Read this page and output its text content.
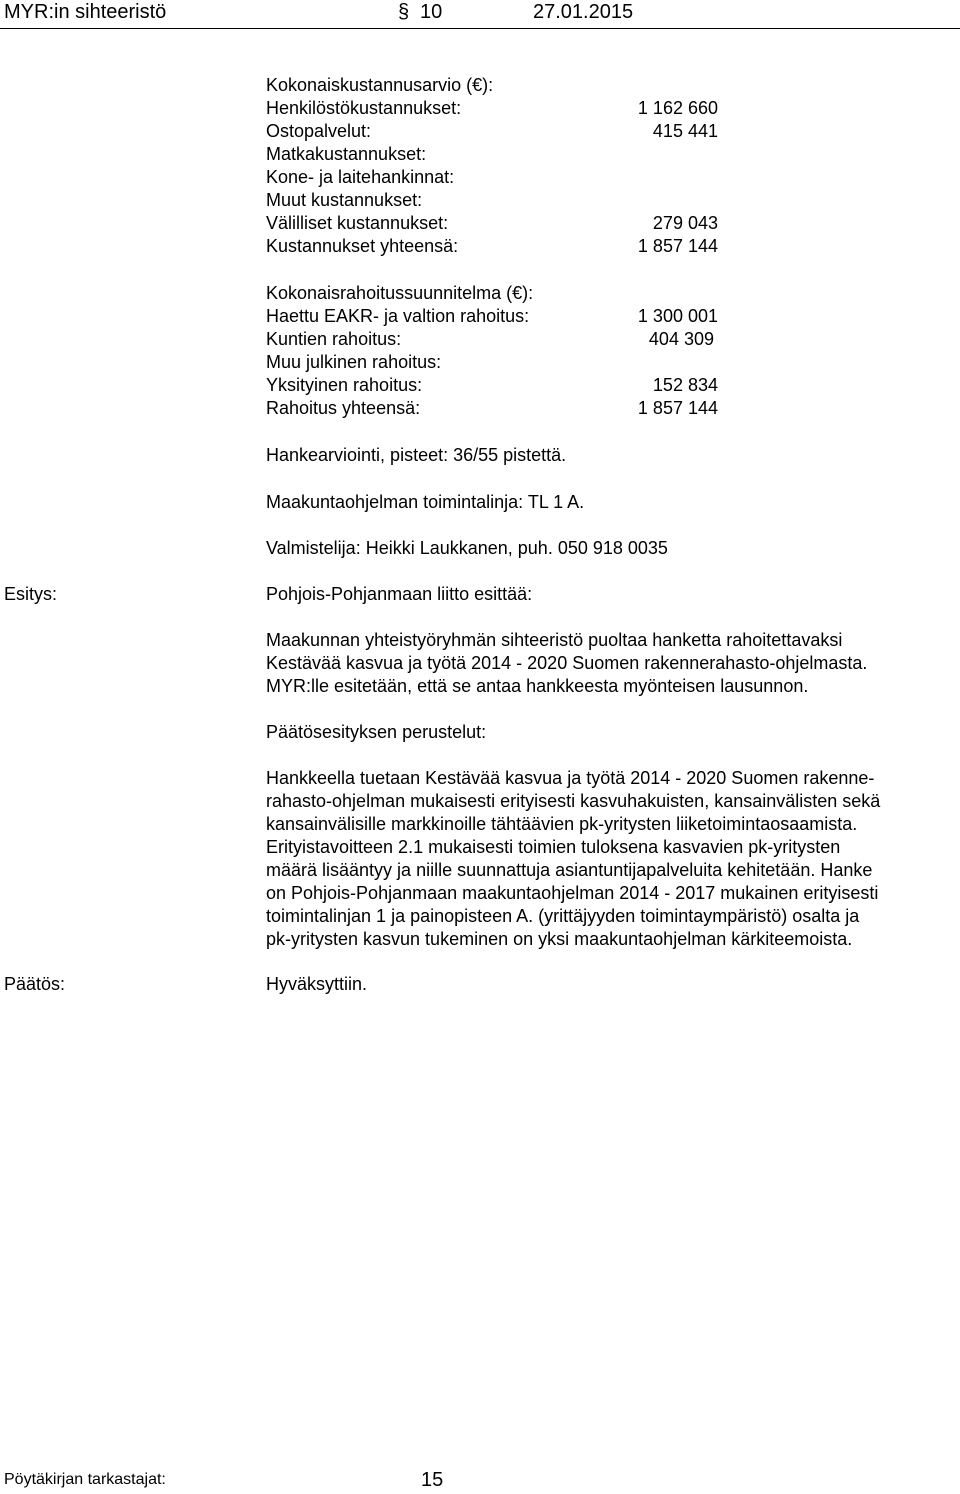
MYR:in sihteeristö	§ 10	27.01.2015
Kokonaiskustannusarvio (€):
Henkilöstökustannukset:	1 162 660
Ostopalvelut:	415 441
Matkakustannukset:
Kone- ja laitehankinnat:
Muut kustannukset:
Välilliset kustannukset:	279 043
Kustannukset yhteensä:	1 857 144
Kokonaisrahoitussuunnitelma (€):
Haettu EAKR- ja valtion rahoitus:	1 300 001
Kuntien rahoitus:	404 309
Muu julkinen rahoitus:
Yksityinen rahoitus:	152 834
Rahoitus yhteensä:	1 857 144
Hankearviointi, pisteet: 36/55 pistettä.
Maakuntaohjelman toimintalinja: TL 1 A.
Valmistelija: Heikki Laukkanen, puh. 050 918 0035
Esitys:	Pohjois-Pohjanmaan liitto esittää:
Maakunnan yhteistyöryhmän sihteeristö puoltaa hanketta rahoitettavaksi
Kestävää kasvua ja työtä 2014 - 2020 Suomen rakennerahasto-ohjelmasta.
MYR:lle esitetään, että se antaa hankkeesta myönteisen lausunnon.
Päätösesityksen perustelut:
Hankkeella tuetaan Kestävää kasvua ja työtä 2014 - 2020 Suomen rakenne-
rahasto-ohjelman mukaisesti erityisesti kasvuhakuisten, kansainvälisten sekä
kansainvälisille markkinoille tähtäävien pk-yritysten liiketoimintaosaamista.
Erityistavoitteen 2.1 mukaisesti toimien tuloksena kasvavien pk-yritysten
määrä lisääntyy ja niille suunnattuja asiantuntijapalveluita kehitetään. Hanke
on Pohjois-Pohjanmaan maakuntaohjelman 2014 - 2017 mukainen erityisesti
toimintalinjan 1 ja painopisteen A. (yrittäjyyden toimintaympäristö) osalta ja
pk-yritysten kasvun tukeminen on yksi maakuntaohjelman kärkiteemoista.
Päätös:	Hyväksyttiin.
Pöytäkirjan tarkastajat:	15
